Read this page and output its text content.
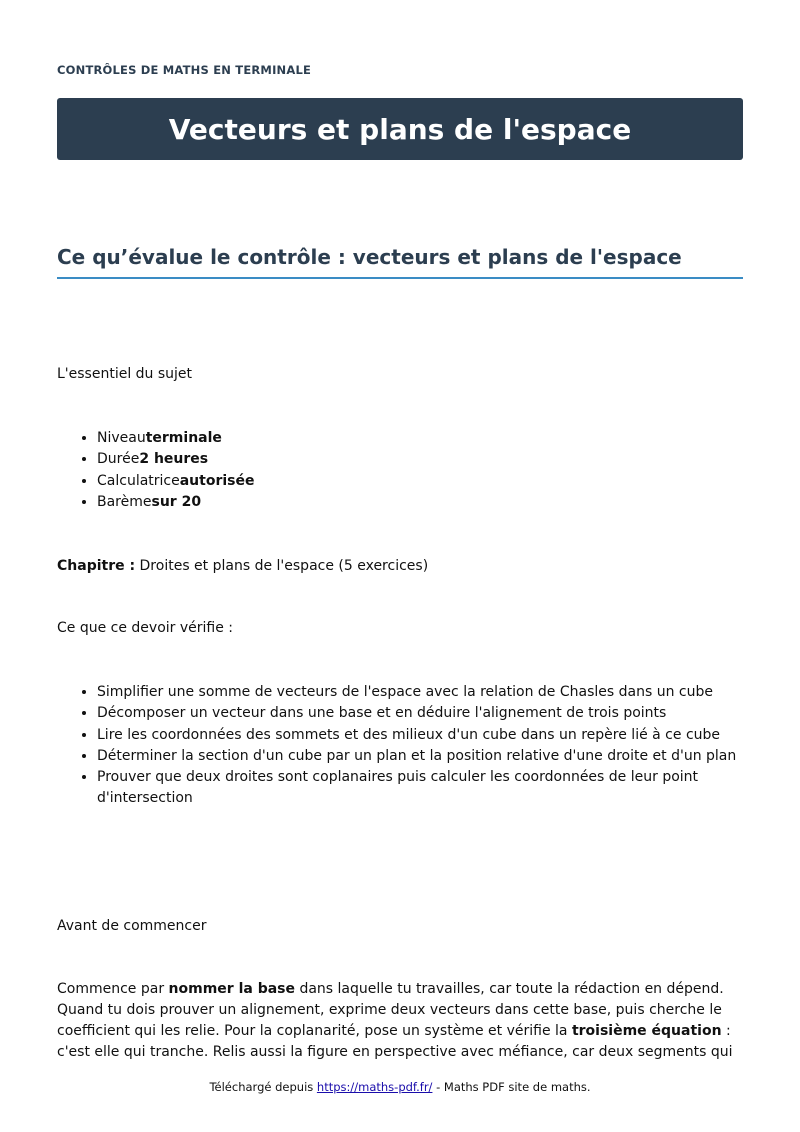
CONTRÔLES DE MATHS EN TERMINALE
Vecteurs et plans de l'espace
Ce qu’évalue le contrôle : vecteurs et plans de l'espace

L'essentiel du sujet

• Niveauterminale
• Durée2 heures
• Calculatriceautorisée
• Barèmesur 20

Chapitre : Droites et plans de l'espace (5 exercices)

Ce que ce devoir vérifie :

• Simplifier une somme de vecteurs de l'espace avec la relation de Chasles dans un cube
• Décomposer un vecteur dans une base et en déduire l'alignement de trois points
• Lire les coordonnées des sommets et des milieux d'un cube dans un repère lié à ce cube
• Déterminer la section d'un cube par un plan et la position relative d'une droite et d'un plan
• Prouver que deux droites sont coplanaires puis calculer les coordonnées de leur point d'intersection

Avant de commencer

Commence par nommer la base dans laquelle tu travailles, car toute la rédaction en dépend. Quand tu dois prouver un alignement, exprime deux vecteurs dans cette base, puis cherche le coefficient qui les relie. Pour la coplanarité, pose un système et vérifie la troisième équation : c'est elle qui tranche. Relis aussi la figure en perspective avec méfiance, car deux segments qui

Téléchargé depuis https://maths-pdf.fr/ - Maths PDF site de maths.
